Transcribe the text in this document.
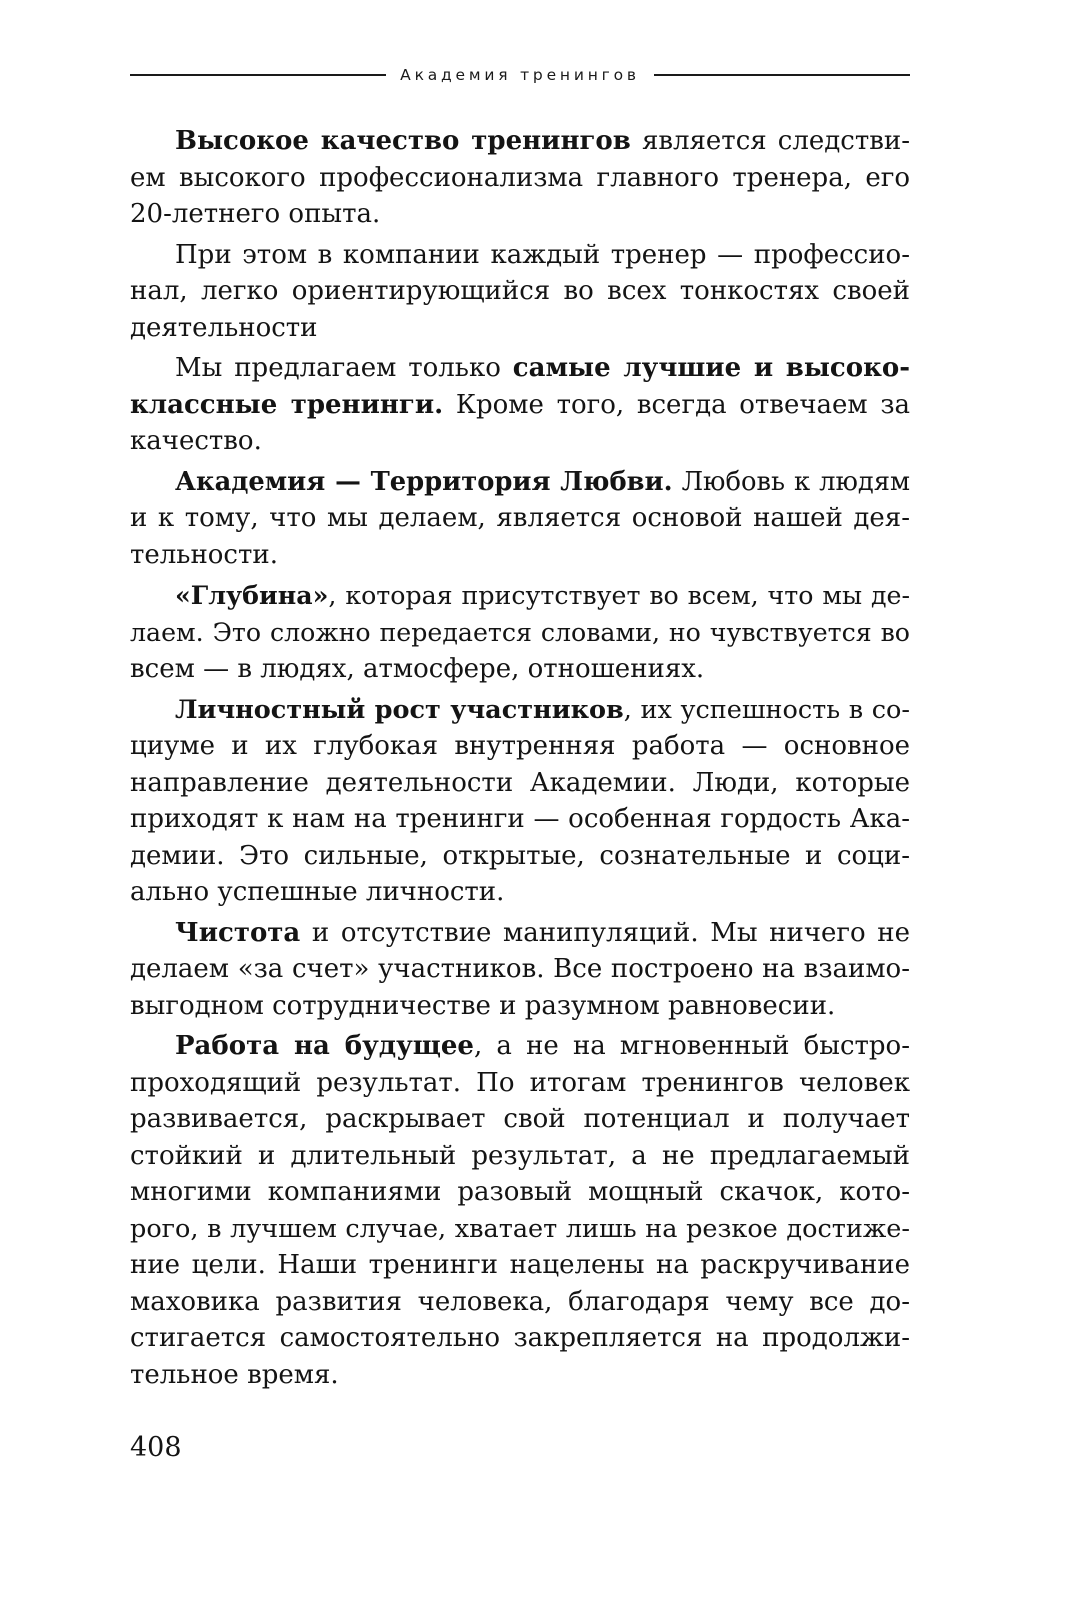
Академия тренингов
Высокое качество тренингов является следстви-
ем высокого профессионализма главного тренера, его
20-летнего опыта.
При этом в компании каждый тренер — профессио-
нал, легко ориентирующийся во всех тонкостях своей
деятельности
Мы предлагаем только самые лучшие и высоко-
классные тренинги. Кроме того, всегда отвечаем за
качество.
Академия — Территория Любви. Любовь к людям
и к тому, что мы делаем, является основой нашей дея-
тельности.
«Глубина», которая присутствует во всем, что мы де-
лаем. Это сложно передается словами, но чувствуется во
всем — в людях, атмосфере, отношениях.
Личностный рост участников, их успешность в со-
циуме и их глубокая внутренняя работа — основное
направление деятельности Академии. Люди, которые
приходят к нам на тренинги — особенная гордость Ака-
демии. Это сильные, открытые, сознательные и соци-
ально успешные личности.
Чистота и отсутствие манипуляций. Мы ничего не
делаем «за счет» участников. Все построено на взаимо-
выгодном сотрудничестве и разумном равновесии.
Работа на будущее, а не на мгновенный быстро-
проходящий результат. По итогам тренингов человек
развивается, раскрывает свой потенциал и получает
стойкий и длительный результат, а не предлагаемый
многими компаниями разовый мощный скачок, кото-
рого, в лучшем случае, хватает лишь на резкое достиже-
ние цели. Наши тренинги нацелены на раскручивание
маховика развития человека, благодаря чему все до-
стигается самостоятельно закрепляется на продолжи-
тельное время.
408
